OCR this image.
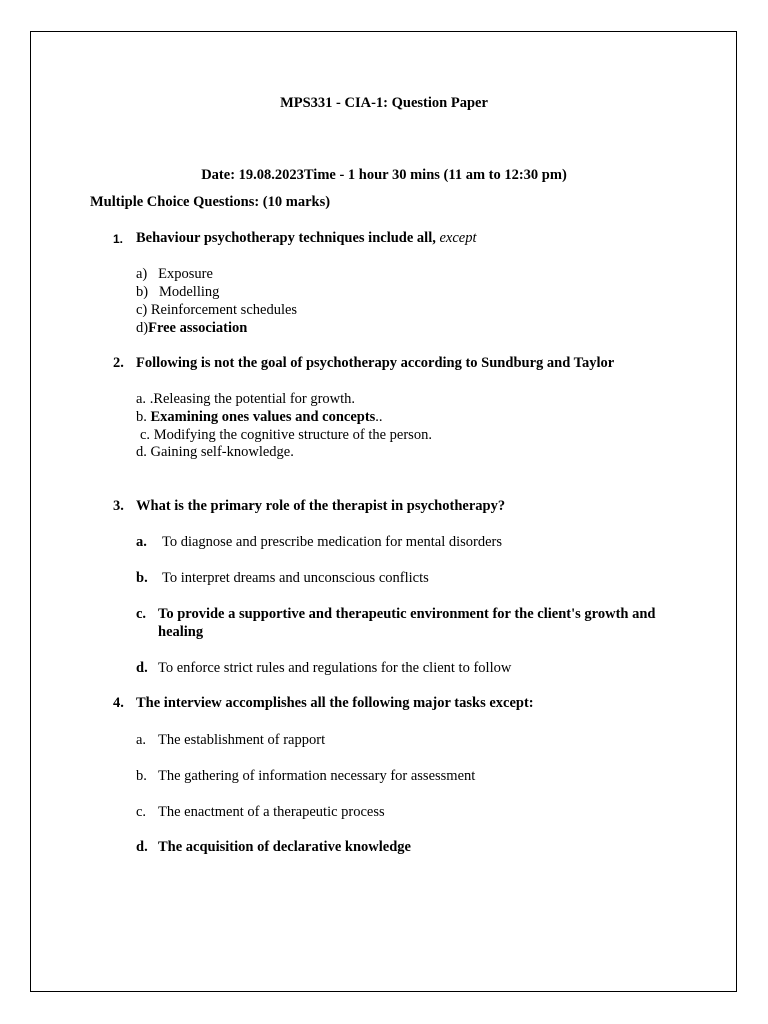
MPS331 - CIA-1: Question Paper
Date: 19.08.2023Time - 1 hour 30 mins (11 am to 12:30 pm)
Multiple Choice Questions: (10 marks)
1. Behaviour psychotherapy techniques include all, except
a) Exposure
b) Modelling
c) Reinforcement schedules
d)Free association
2. Following is not the goal of psychotherapy according to Sundburg and Taylor
a. .Releasing the potential for growth.
b. Examining ones values and concepts..
c. Modifying the cognitive structure of the person.
d. Gaining self-knowledge.
3. What is the primary role of the therapist in psychotherapy?
a. To diagnose and prescribe medication for mental disorders
b. To interpret dreams and unconscious conflicts
c. To provide a supportive and therapeutic environment for the client's growth and
healing
d. To enforce strict rules and regulations for the client to follow
4. The interview accomplishes all the following major tasks except:
a. The establishment of rapport
b. The gathering of information necessary for assessment
c. The enactment of a therapeutic process
d. The acquisition of declarative knowledge
